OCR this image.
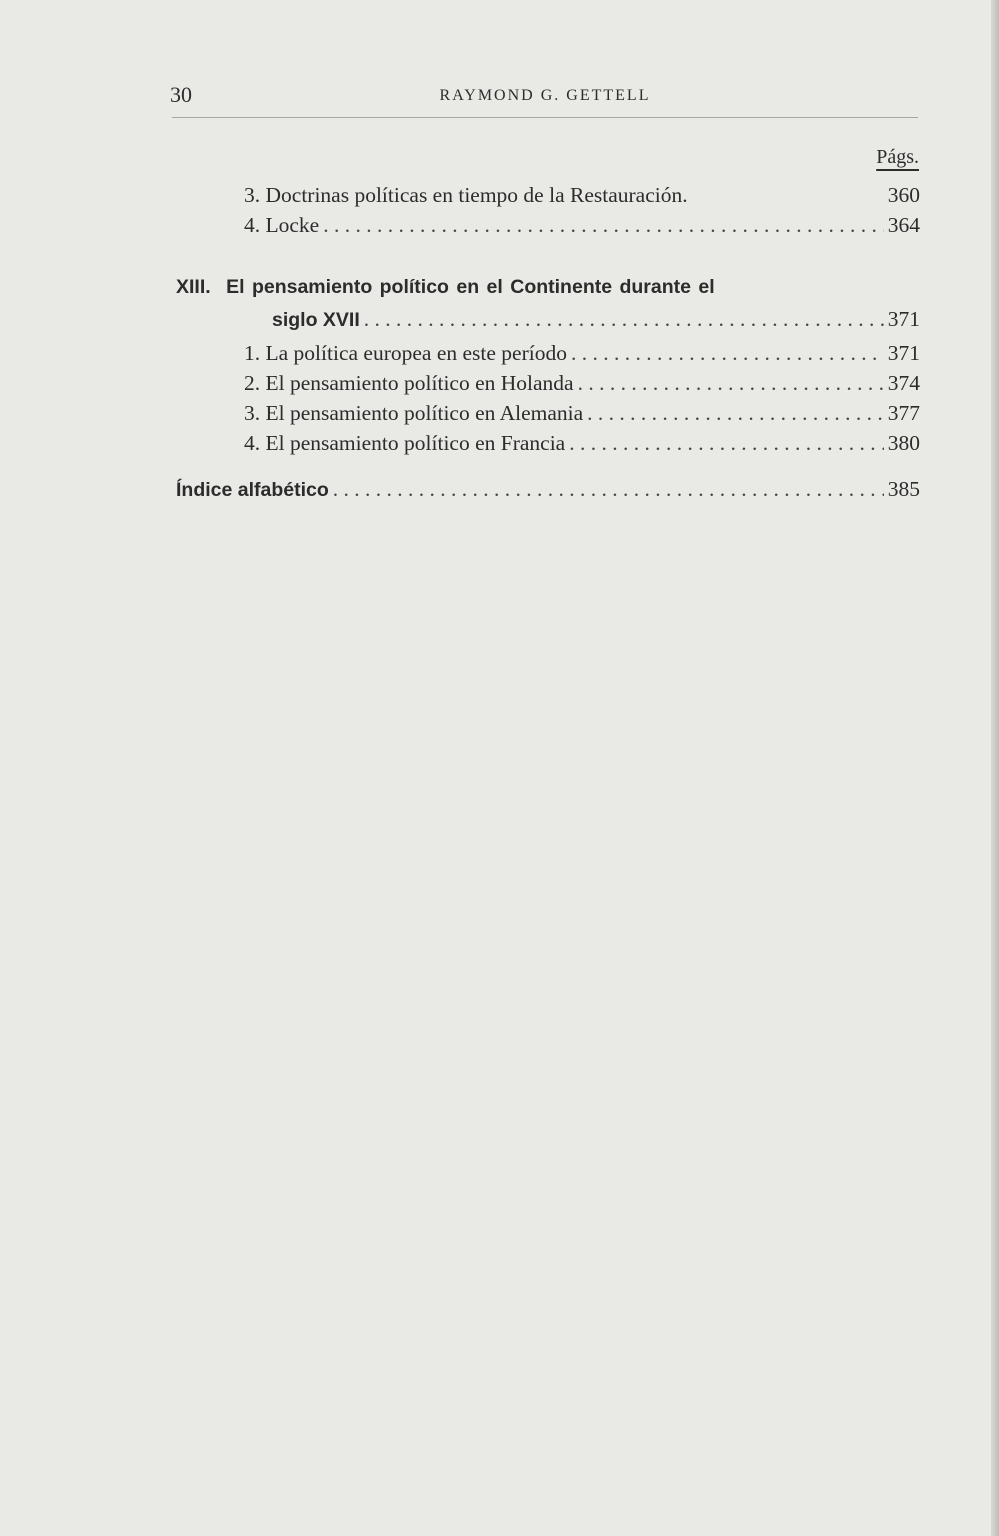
30	RAYMOND G. GETTELL
Págs.
3. Doctrinas políticas en tiempo de la Restauración.	360
4. Locke . . .	364
XIII. El pensamiento político en el Continente durante el
siglo XVII . . .	371
1. La política europea en este período . . .	371
2. El pensamiento político en Holanda . . .	374
3. El pensamiento político en Alemania . . .	377
4. El pensamiento político en Francia . . .	380
Índice alfabético . . .	385
